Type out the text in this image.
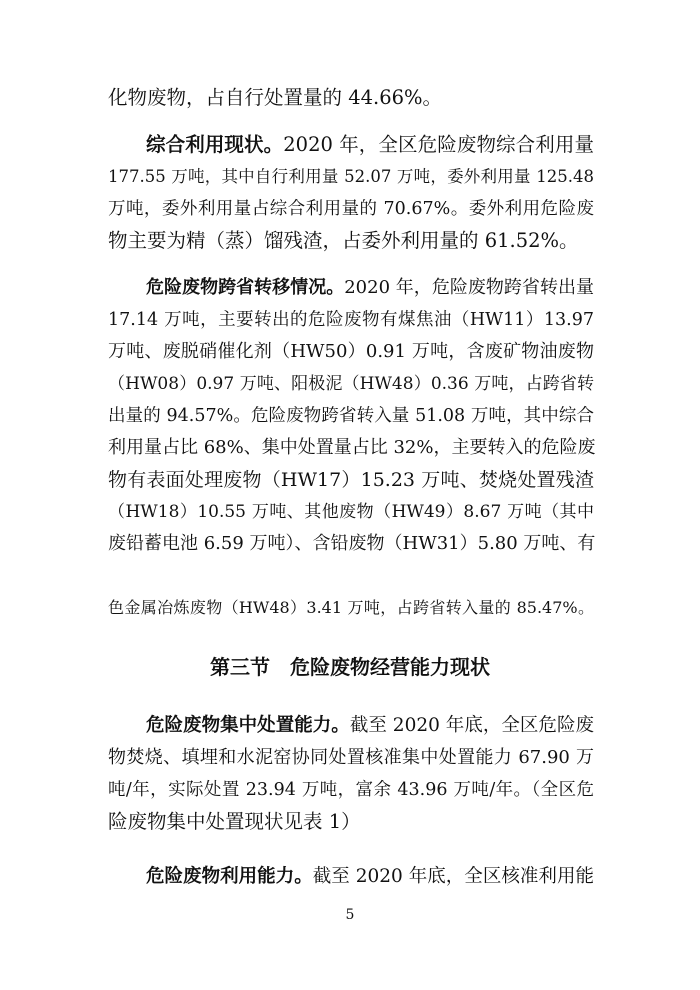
化物废物，占自行处置量的 44.66%。
综合利用现状。2020 年，全区危险废物综合利用量
177.55 万吨，其中自行利用量 52.07 万吨，委外利用量 125.48
万吨，委外利用量占综合利用量的 70.67%。委外利用危险废
物主要为精（蒸）馏残渣，占委外利用量的 61.52%。
危险废物跨省转移情况。2020 年，危险废物跨省转出量
17.14 万吨，主要转出的危险废物有煤焦油（HW11）13.97
万吨、废脱硝催化剂（HW50）0.91 万吨，含废矿物油废物
（HW08）0.97 万吨、阳极泥（HW48）0.36 万吨，占跨省转
出量的 94.57%。危险废物跨省转入量 51.08 万吨，其中综合
利用量占比 68%、集中处置量占比 32%，主要转入的危险废
物有表面处理废物（HW17）15.23 万吨、焚烧处置残渣
（HW18）10.55 万吨、其他废物（HW49）8.67 万吨（其中
废铅蓄电池 6.59 万吨）、含铅废物（HW31）5.80 万吨、有
色金属冶炼废物（HW48）3.41 万吨，占跨省转入量的 85.47%。
第三节　危险废物经营能力现状
危险废物集中处置能力。截至 2020 年底，全区危险废
物焚烧、填埋和水泥窑协同处置核准集中处置能力 67.90 万
吨/年，实际处置 23.94 万吨，富余 43.96 万吨/年。（全区危
险废物集中处置现状见表 1）
危险废物利用能力。截至 2020 年底，全区核准利用能
5
